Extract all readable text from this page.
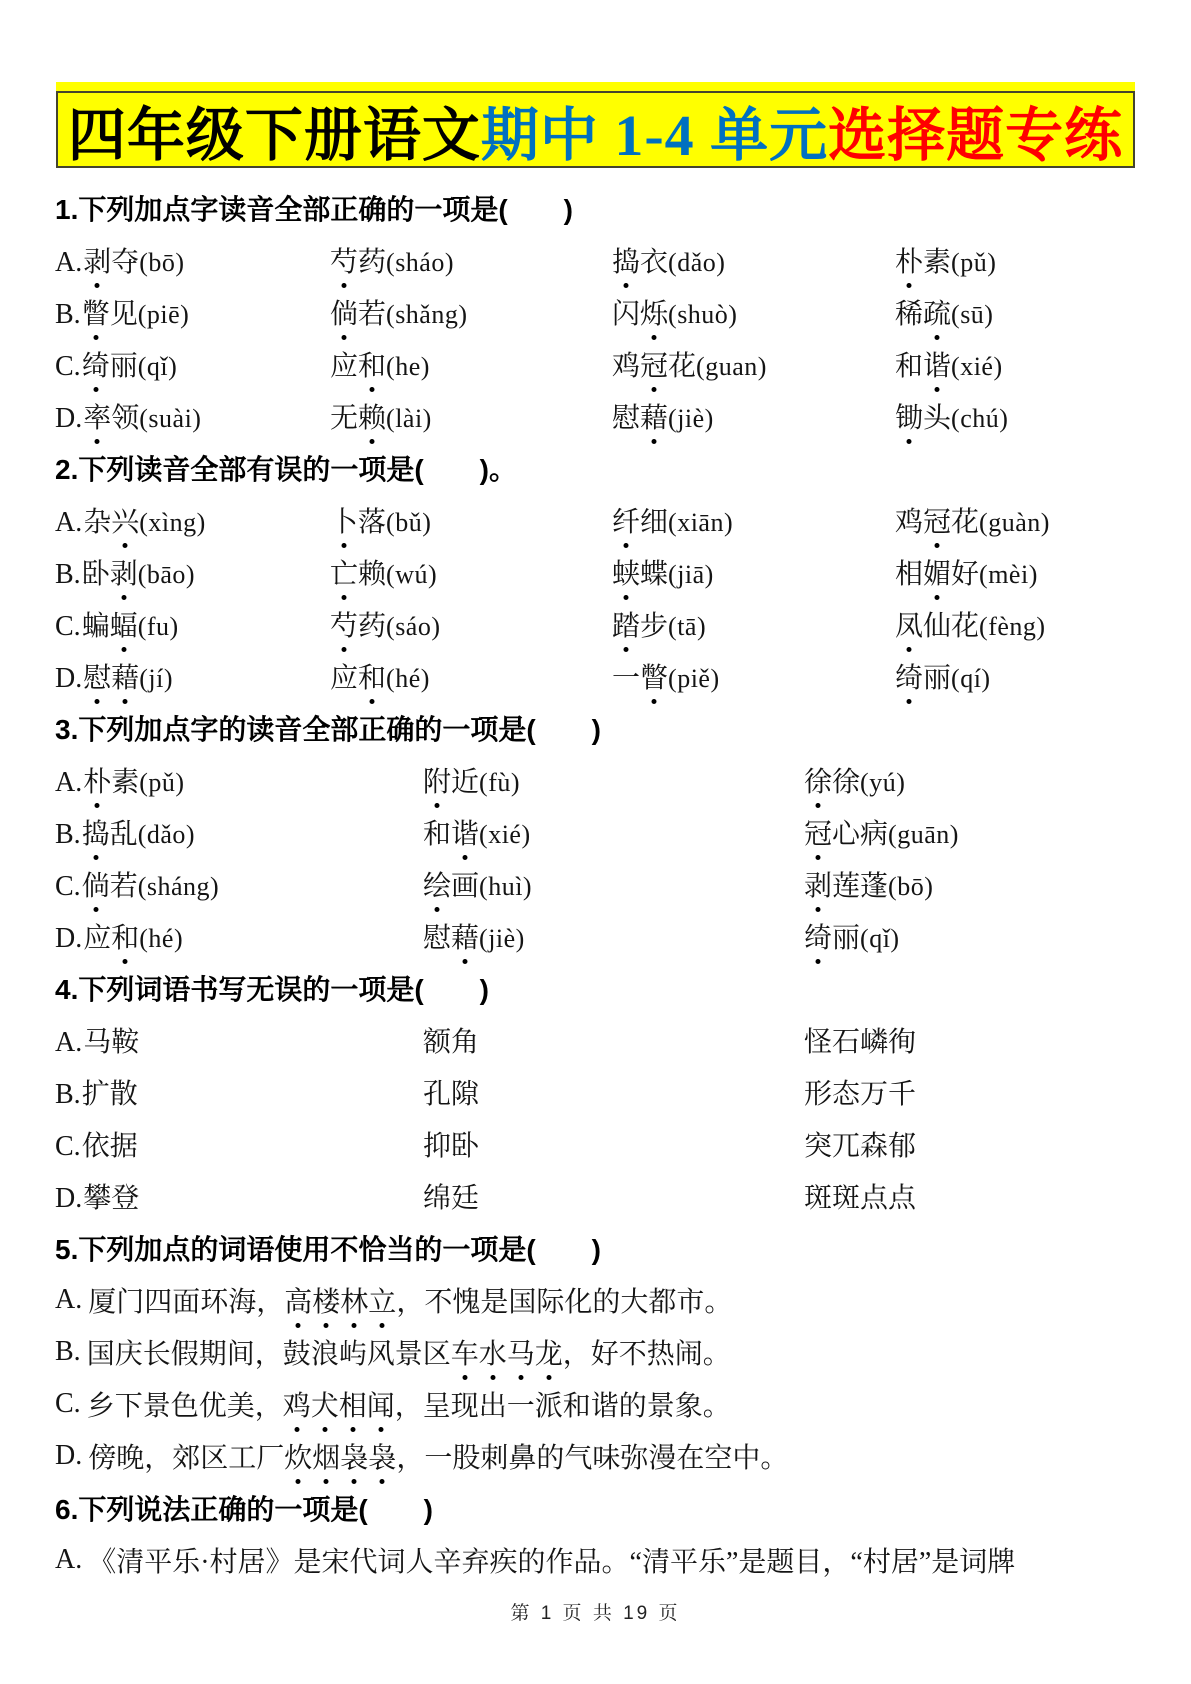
四年级下册语文 期中 1-4 单元 选择题专练
1.下列加点字读音全部正确的一项是(　　)
A.剥夺(bō)	芍药(sháo)	捣衣(dǎo)	朴素(pǔ)
B.瞥见(piē)	倘若(shǎng)	闪烁(shuò)	稀疏(sū)
C.绮丽(qǐ)	应和(he)	鸡冠花(guan)	和谐(xié)
D.率领(suài)	无赖(lài)	慰藉(jiè)	锄头(chú)
2.下列读音全部有误的一项是(　　)。
A.杂兴(xìng)	卜落(bǔ)	纤细(xiān)	鸡冠花(guàn)
B.卧剥(bāo)	亡赖(wú)	蛱蝶(jiā)	相媚好(mèi)
C.蝙蝠(fu)	芍药(sáo)	踏步(tā)	凤仙花(fèng)
D.慰藉(jí)	应和(hé)	一瞥(piě)	绮丽(qí)
3.下列加点字的读音全部正确的一项是(　　)
A.朴素(pǔ)	附近(fù)	徐徐(yú)
B.捣乱(dǎo)	和谐(xié)	冠心病(guān)
C.倘若(sháng)	绘画(huì)	剥莲蓬(bō)
D.应和(hé)	慰藉(jiè)	绮丽(qǐ)
4.下列词语书写无误的一项是(　　)
A.马鞍	额角	怪石嶙徇
B.扩散	孔隙	形态万千
C.依据	抑卧	突兀森郁
D.攀登	绵廷	斑斑点点
5.下列加点的词语使用不恰当的一项是(　　)
A. 厦门四面环海， 高楼林立 ，不愧是国际化的大都市。
B. 国庆长假期间，鼓浪屿风景区 车水马龙 ，好不热闹。
C. 乡下景色优美， 鸡犬相闻 ，呈现出一派和谐的景象。
D. 傍晚，郊区工厂 炊烟袅袅 ，一股刺鼻的气味弥漫在空中。
6.下列说法正确的一项是(　　)
A. 《清平乐·村居》是宋代词人辛弃疾的作品。“清平乐”是题目，“村居”是词牌
第 1 页 共 19 页
